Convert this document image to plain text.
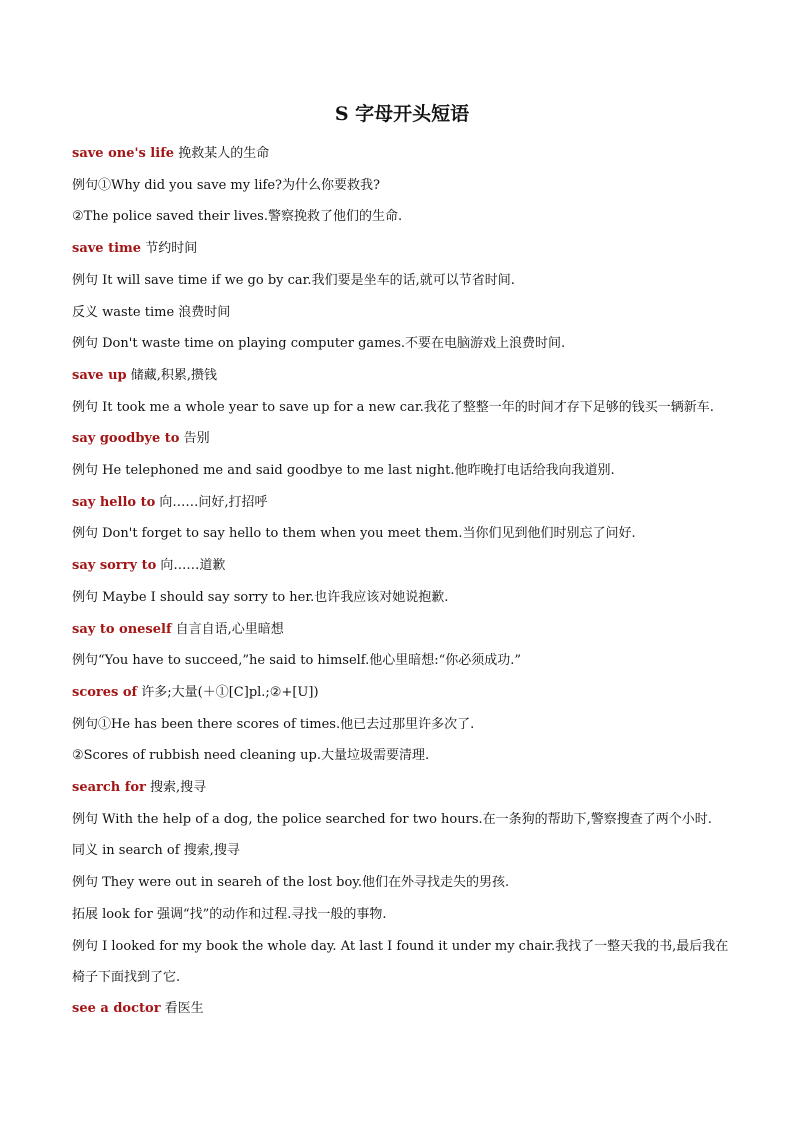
S 字母开头短语
save one's life 挽救某人的生命
例句①Why did you save my life?为什么你要救我?
②The police saved their lives.警察挽救了他们的生命.
save time 节约时间
例句 It will save time if we go by car.我们要是坐车的话,就可以节省时间.
反义 waste time 浪费时间
例句 Don't waste time on playing computer games.不要在电脑游戏上浪费时间.
save up 储藏,积累,攒钱
例句 It took me a whole year to save up for a new car.我花了整整一年的时间才存下足够的钱买一辆新车.
say goodbye to 告别
例句 He telephoned me and said goodbye to me last night.他昨晚打电话给我向我道别.
say hello to 向……问好,打招呼
例句 Don't forget to say hello to them when you meet them.当你们见到他们时别忘了问好.
say sorry to 向……道歉
例句 Maybe I should say sorry to her.也许我应该对她说抱歉.
say to oneself 自言自语,心里暗想
例句“You have to succeed,”he said to himself.他心里暗想:“你必须成功.”
scores of 许多;大量(＋①[C]pl.;②+[U])
例句①He has been there scores of times.他已去过那里许多次了.
②Scores of rubbish need cleaning up.大量垃圾需要清理.
search for 搜索,搜寻
例句 With the help of a dog, the police searched for two hours.在一条狗的帮助下,警察搜查了两个小时.
同义 in search of 搜索,搜寻
例句 They were out in seareh of the lost boy.他们在外寻找走失的男孩.
拓展 look for 强调“找”的动作和过程.寻找一般的事物.
例句 I looked for my book the whole day. At last I found it under my chair.我找了一整天我的书,最后我在椅子下面找到了它.
see a doctor 看医生
